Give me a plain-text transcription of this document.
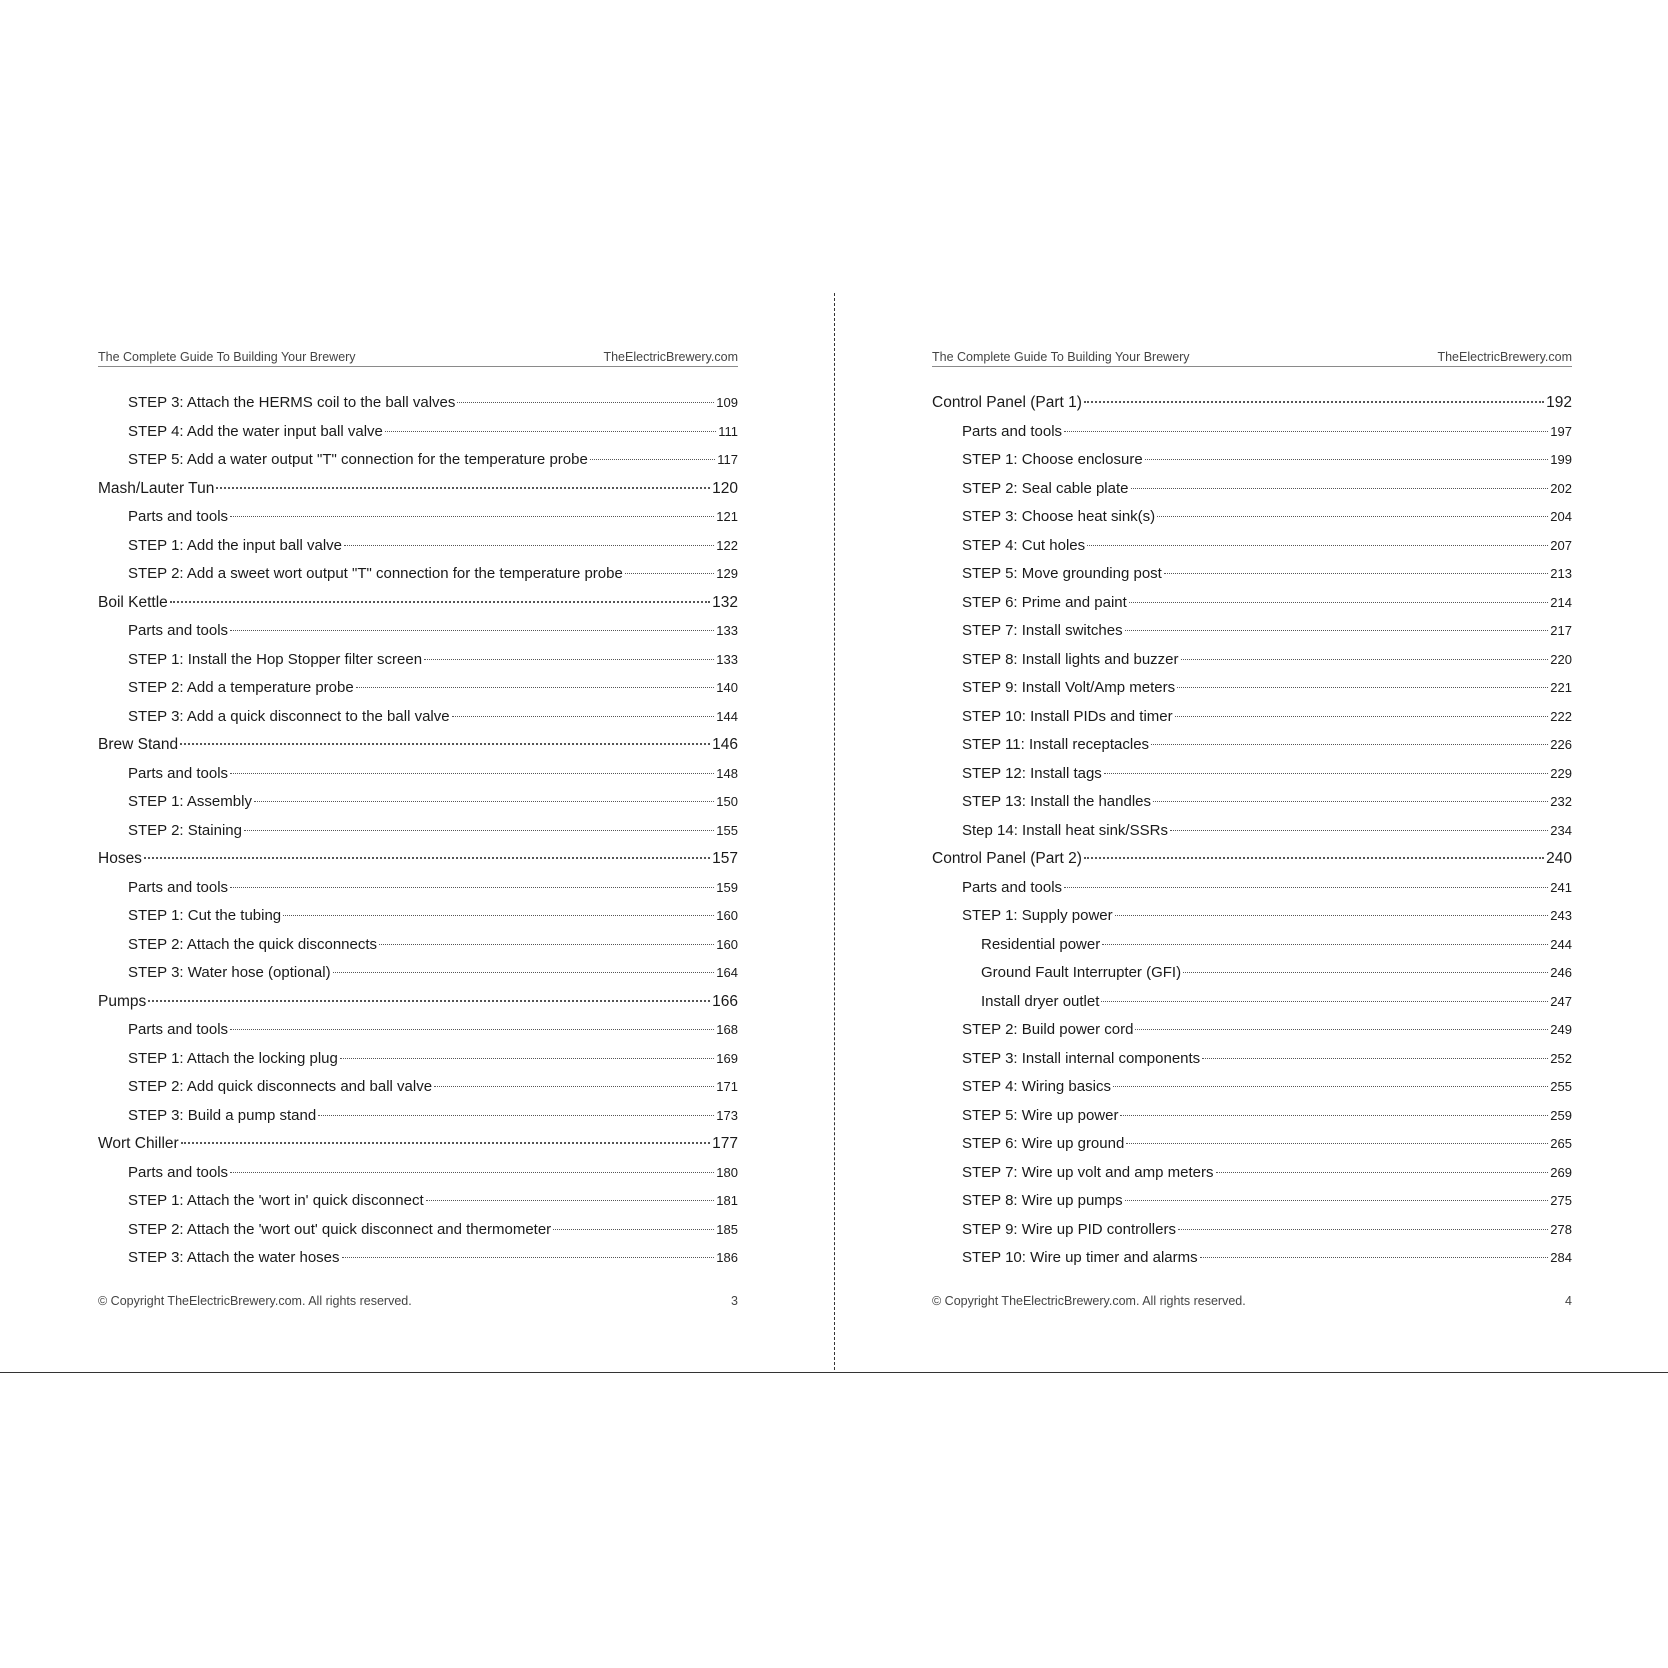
The Complete Guide To Building Your Brewery	TheElectricBrewery.com
STEP 3: Attach the HERMS coil to the ball valves	109
STEP 4: Add the water input ball valve	111
STEP 5: Add a water output "T" connection for the temperature probe	117
Mash/Lauter Tun	120
Parts and tools	121
STEP 1: Add the input ball valve	122
STEP 2: Add a sweet wort output "T" connection for the temperature probe	129
Boil Kettle	132
Parts and tools	133
STEP 1: Install the Hop Stopper filter screen	133
STEP 2: Add a temperature probe	140
STEP 3: Add a quick disconnect to the ball valve	144
Brew Stand	146
Parts and tools	148
STEP 1: Assembly	150
STEP 2: Staining	155
Hoses	157
Parts and tools	159
STEP 1: Cut the tubing	160
STEP 2: Attach the quick disconnects	160
STEP 3: Water hose (optional)	164
Pumps	166
Parts and tools	168
STEP 1: Attach the locking plug	169
STEP 2: Add quick disconnects and ball valve	171
STEP 3: Build a pump stand	173
Wort Chiller	177
Parts and tools	180
STEP 1: Attach the 'wort in' quick disconnect	181
STEP 2: Attach the 'wort out' quick disconnect and thermometer	185
STEP 3: Attach the water hoses	186
© Copyright TheElectricBrewery.com. All rights reserved.	3
The Complete Guide To Building Your Brewery	TheElectricBrewery.com
Control Panel (Part 1)	192
Parts and tools	197
STEP 1: Choose enclosure	199
STEP 2: Seal cable plate	202
STEP 3: Choose heat sink(s)	204
STEP 4: Cut holes	207
STEP 5: Move grounding post	213
STEP 6: Prime and paint	214
STEP 7: Install switches	217
STEP 8: Install lights and buzzer	220
STEP 9: Install Volt/Amp meters	221
STEP 10: Install PIDs and timer	222
STEP 11: Install receptacles	226
STEP 12: Install tags	229
STEP 13: Install the handles	232
Step 14: Install heat sink/SSRs	234
Control Panel (Part 2)	240
Parts and tools	241
STEP 1: Supply power	243
Residential power	244
Ground Fault Interrupter (GFI)	246
Install dryer outlet	247
STEP 2: Build power cord	249
STEP 3: Install internal components	252
STEP 4: Wiring basics	255
STEP 5: Wire up power	259
STEP 6: Wire up ground	265
STEP 7: Wire up volt and amp meters	269
STEP 8: Wire up pumps	275
STEP 9: Wire up PID controllers	278
STEP 10: Wire up timer and alarms	284
© Copyright TheElectricBrewery.com. All rights reserved.	4
